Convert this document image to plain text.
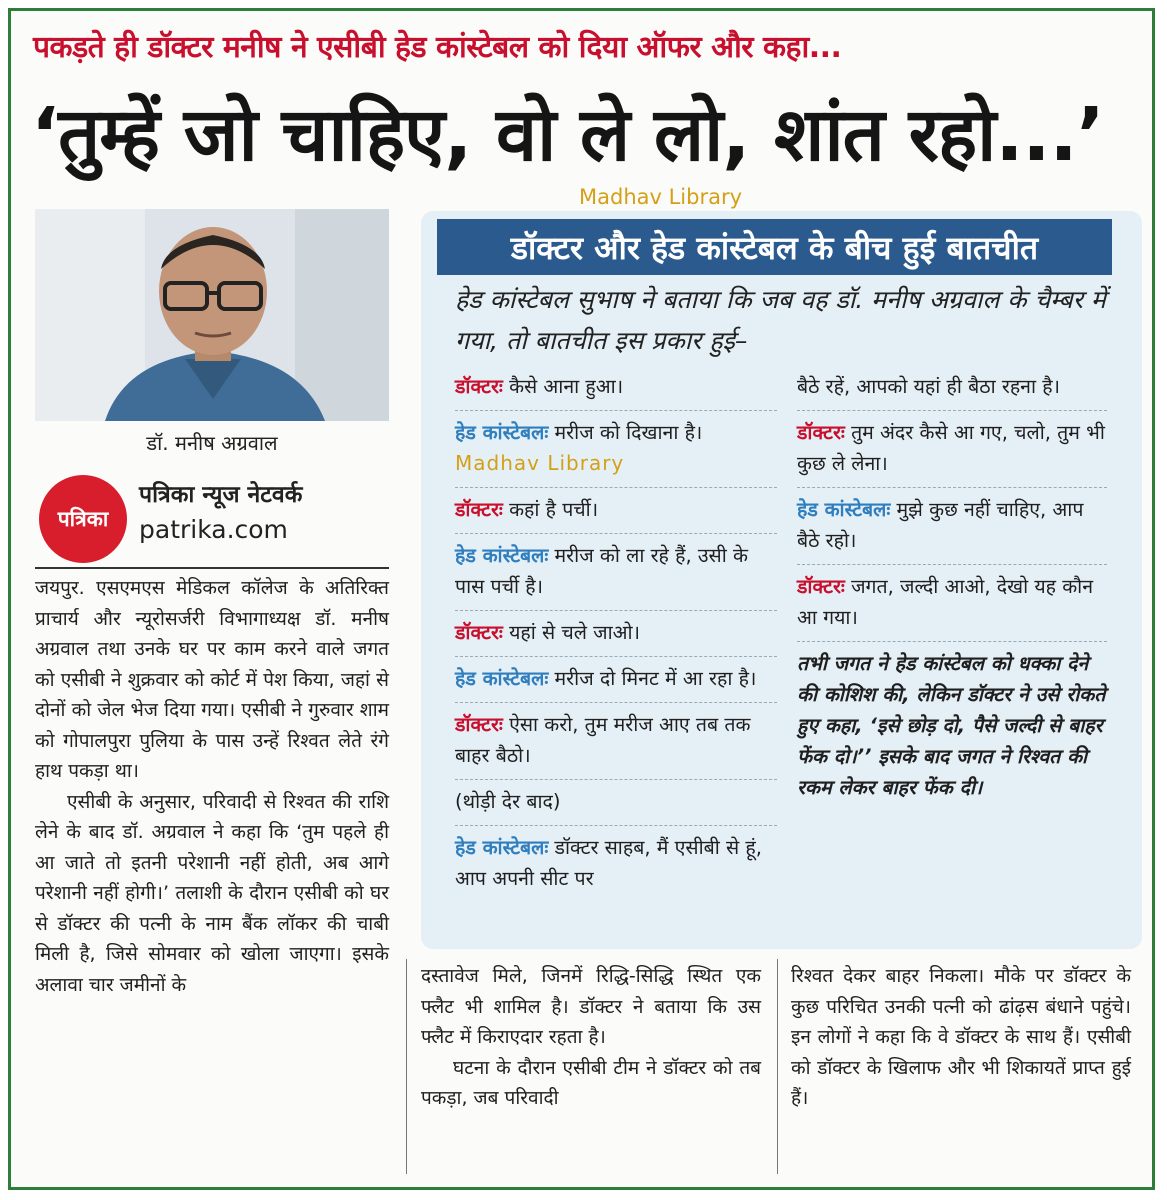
पकड़ते ही डॉक्टर मनीष ने एसीबी हेड कांस्टेबल को दिया ऑफर और कहा...
‘तुम्हें जो चाहिए, वो ले लो, शांत रहो...’
Madhav Library
डॉ. मनीष अग्रवाल
पत्रिका
पत्रिका न्यूज नेटवर्क
patrika.com

जयपुर. एसएमएस मेडिकल कॉलेज के अतिरिक्त प्राचार्य और न्यूरोसर्जरी विभागाध्यक्ष डॉ. मनीष अग्रवाल तथा उनके घर पर काम करने वाले जगत को एसीबी ने शुक्रवार को कोर्ट में पेश किया, जहां से दोनों को जेल भेज दिया गया। एसीबी ने गुरुवार शाम को गोपालपुरा पुलिया के पास उन्हें रिश्वत लेते रंगे हाथ पकड़ा था।

एसीबी के अनुसार, परिवादी से रिश्वत की राशि लेने के बाद डॉ. अग्रवाल ने कहा कि ‘तुम पहले ही आ जाते तो इतनी परेशानी नहीं होती, अब आगे परेशानी नहीं होगी।’ तलाशी के दौरान एसीबी को घर से डॉक्टर की पत्नी के नाम बैंक लॉकर की चाबी मिली है, जिसे सोमवार को खोला जाएगा। इसके अलावा चार जमीनों के

डॉक्टर और हेड कांस्टेबल के बीच हुई बातचीत
हेड कांस्टेबल सुभाष ने बताया कि जब वह डॉ. मनीष अग्रवाल के चैम्बर में गया, तो बातचीत इस प्रकार हुई–
डॉक्टरः कैसे आना हुआ।
हेड कांस्टेबलः मरीज को दिखाना है। Madhav Library
डॉक्टरः कहां है पर्ची।
हेड कांस्टेबलः मरीज को ला रहे हैं, उसी के पास पर्ची है।
डॉक्टरः यहां से चले जाओ।
हेड कांस्टेबलः मरीज दो मिनट में आ रहा है।
डॉक्टरः ऐसा करो, तुम मरीज आए तब तक बाहर बैठो।
(थोड़ी देर बाद)
हेड कांस्टेबलः डॉक्टर साहब, मैं एसीबी से हूं, आप अपनी सीट पर
बैठे रहें, आपको यहां ही बैठा रहना है।
डॉक्टरः तुम अंदर कैसे आ गए, चलो, तुम भी कुछ ले लेना।
हेड कांस्टेबलः मुझे कुछ नहीं चाहिए, आप बैठे रहो।
डॉक्टरः जगत, जल्दी आओ, देखो यह कौन आ गया।
तभी जगत ने हेड कांस्टेबल को धक्का देने की कोशिश की, लेकिन डॉक्टर ने उसे रोकते हुए कहा, ‘इसे छोड़ दो, पैसे जल्दी से बाहर फेंक दो।’’ इसके बाद जगत ने रिश्वत की रकम लेकर बाहर फेंक दी।

दस्तावेज मिले, जिनमें रिद्धि-सिद्धि स्थित एक फ्लैट भी शामिल है। डॉक्टर ने बताया कि उस फ्लैट में किराएदार रहता है।

घटना के दौरान एसीबी टीम ने डॉक्टर को तब पकड़ा, जब परिवादी

रिश्वत देकर बाहर निकला। मौके पर डॉक्टर के कुछ परिचित उनकी पत्नी को ढांढ़स बंधाने पहुंचे। इन लोगों ने कहा कि वे डॉक्टर के साथ हैं। एसीबी को डॉक्टर के खिलाफ और भी शिकायतें प्राप्त हुई हैं।
